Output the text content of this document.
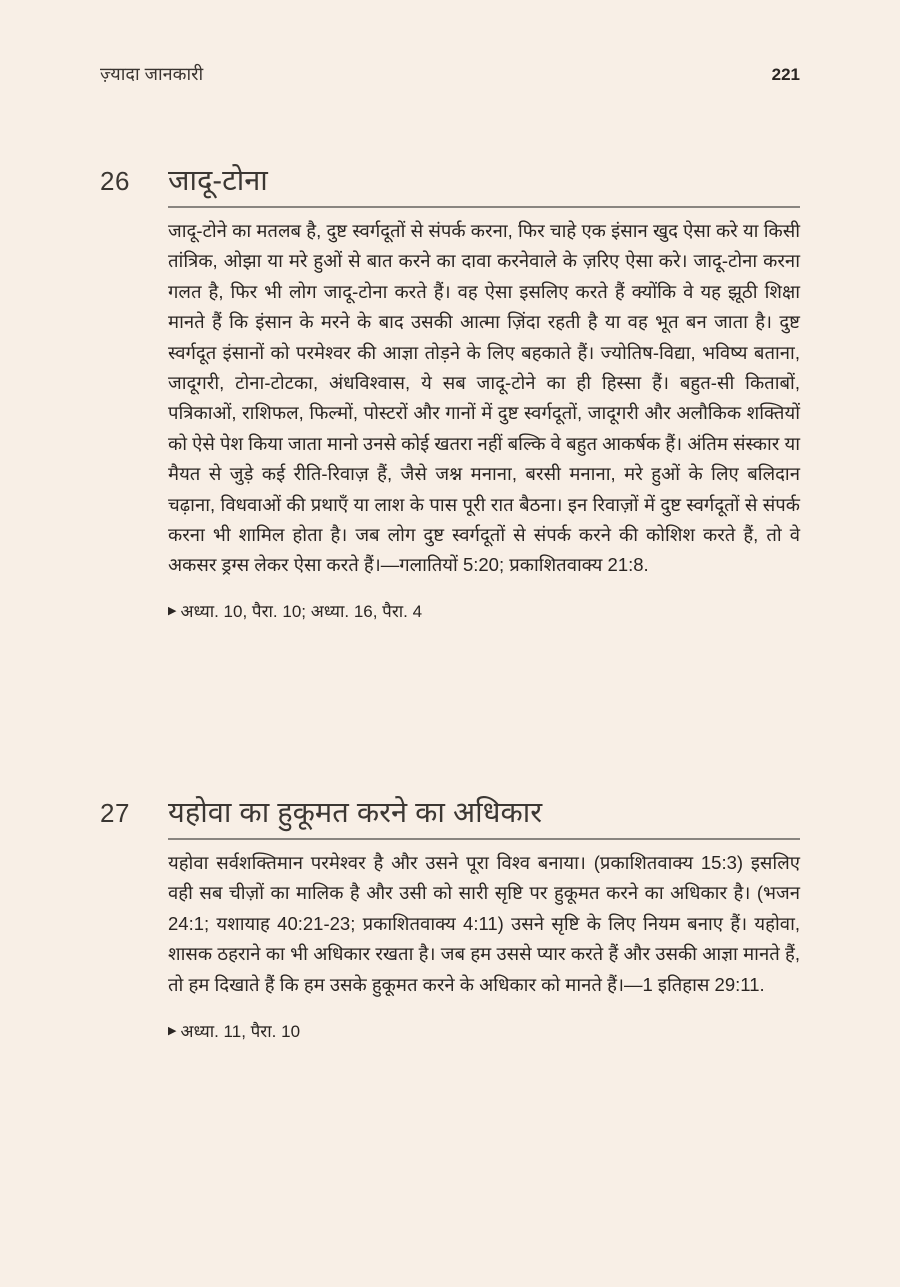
ज़्यादा जानकारी	221
26	जादू-टोना

जादू-टोने का मतलब है, दुष्ट स्वर्गदूतों से संपर्क करना, फिर चाहे एक इंसान खुद ऐसा करे या किसी तांत्रिक, ओझा या मरे हुओं से बात करने का दावा करनेवाले के ज़रिए ऐसा करे। जादू-टोना करना गलत है, फिर भी लोग जादू-टोना करते हैं। वह ऐसा इसलिए करते हैं क्योंकि वे यह झूठी शिक्षा मानते हैं कि इंसान के मरने के बाद उसकी आत्मा ज़िंदा रहती है या वह भूत बन जाता है। दुष्ट स्वर्गदूत इंसानों को परमेश्वर की आज्ञा तोड़ने के लिए बहकाते हैं। ज्योतिष-विद्या, भविष्य बताना, जादूगरी, टोना-टोटका, अंधविश्वास, ये सब जादू-टोने का ही हिस्सा हैं। बहुत-सी किताबों, पत्रिकाओं, राशिफल, फिल्मों, पोस्टरों और गानों में दुष्ट स्वर्गदूतों, जादूगरी और अलौकिक शक्तियों को ऐसे पेश किया जाता मानो उनसे कोई खतरा नहीं बल्कि वे बहुत आकर्षक हैं। अंतिम संस्कार या मैयत से जुड़े कई रीति-रिवाज़ हैं, जैसे जश्न मनाना, बरसी मनाना, मरे हुओं के लिए बलिदान चढ़ाना, विधवाओं की प्रथाएँ या लाश के पास पूरी रात बैठना। इन रिवाज़ों में दुष्ट स्वर्गदूतों से संपर्क करना भी शामिल होता है। जब लोग दुष्ट स्वर्गदूतों से संपर्क करने की कोशिश करते हैं, तो वे अकसर ड्रग्स लेकर ऐसा करते हैं।—गलातियों 5:20; प्रकाशितवाक्य 21:8.

▶ अध्या. 10, पैरा. 10; अध्या. 16, पैरा. 4
27	यहोवा का हुकूमत करने का अधिकार

यहोवा सर्वशक्तिमान परमेश्वर है और उसने पूरा विश्व बनाया। (प्रकाशितवाक्य 15:3) इसलिए वही सब चीज़ों का मालिक है और उसी को सारी सृष्टि पर हुकूमत करने का अधिकार है। (भजन 24:1; यशायाह 40:21-23; प्रकाशितवाक्य 4:11) उसने सृष्टि के लिए नियम बनाए हैं। यहोवा, शासक ठहराने का भी अधिकार रखता है। जब हम उससे प्यार करते हैं और उसकी आज्ञा मानते हैं, तो हम दिखाते हैं कि हम उसके हुकूमत करने के अधिकार को मानते हैं।—1 इतिहास 29:11.

▶ अध्या. 11, पैरा. 10
